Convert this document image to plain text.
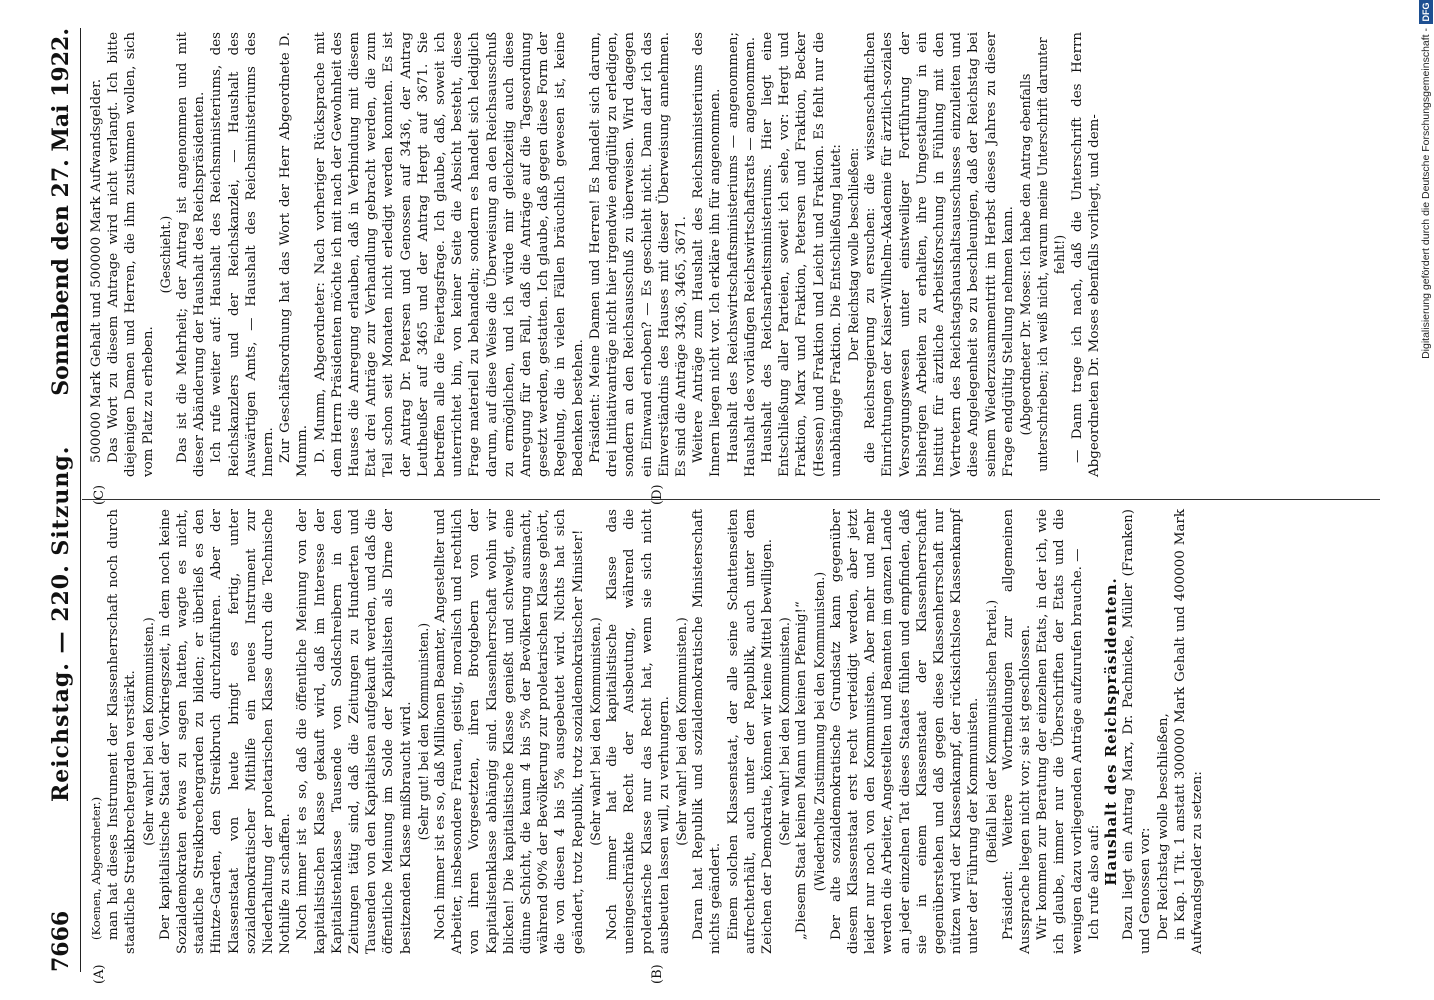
7666
Reichstag. — 220. Sitzung.
Sonnabend den 27. Mai 1922.
(A)	(B)
(C)	(D)

(Koenen, Abgeordneter.) man hat dieses Instrument der Klassenherrschaft noch durch staatliche Streikbrechergarden verstärkt. (Sehr wahr! bei den Kommunisten.) Der kapitalistische Staat der Vorkriegszeit, in dem noch keine Sozialdemokraten etwas zu sagen hatten, wagte es nicht, staatliche Streikbrechergarden zu bilden; er überließ es den Hintze-Garden, den Streikbruch durchzuführen. Aber der Klassenstaat von heute bringt es fertig, unter sozialdemokratischer Mithilfe ein neues Instrument zur Niederhaltung der proletarischen Klasse durch die Technische Nothilfe zu schaffen. Noch immer ist es so, daß die öffentliche Meinung von der kapitalistischen Klasse gekauft wird, daß im Interesse der Kapitalistenklasse Tausende von Soldschreibern in den Zeitungen tätig sind, daß die Zeitungen zu Hunderten und Tausenden von den Kapitalisten aufgekauft werden, und daß die öffentliche Meinung im Solde der Kapitalisten als Dirne der besitzenden Klasse mißbraucht wird. (Sehr gut! bei den Kommunisten.) Noch immer ist es so, daß Millionen Beamter, Angestellter und Arbeiter, insbesondere Frauen, geistig, moralisch und rechtlich von ihren Vorgesetzten, ihren Brotgebern von der Kapitalistenklasse abhängig sind. Klassenherrschaft wohin wir blicken! Die kapitalistische Klasse genießt und schwelgt, eine dünne Schicht, die kaum 4 bis 5% der Bevölkerung ausmacht, während 90% der Bevölkerung zur proletarischen Klasse gehört, die von diesen 4 bis 5% ausgebeutet wird. Nichts hat sich geändert, trotz Republik, trotz sozialdemokratischer Minister! (Sehr wahr! bei den Kommunisten.) Noch immer hat die kapitalistische Klasse das uneingeschränkte Recht der Ausbeutung, während die proletarische Klasse nur das Recht hat, wenn sie sich nicht ausbeuten lassen will, zu verhungern. (Sehr wahr! bei den Kommunisten.) Daran hat Republik und sozialdemokratische Ministerschaft nichts geändert. Einem solchen Klassenstaat, der alle seine Schattenseiten aufrechterhält, auch unter der Republik, auch unter dem Zeichen der Demokratie, können wir keine Mittel bewilligen. (Sehr wahr! bei den Kommunisten.) „Diesem Staat keinen Mann und keinen Pfennig!“ (Wiederholte Zustimmung bei den Kommunisten.) Der alte sozialdemokratische Grundsatz kann gegenüber diesem Klassenstaat erst recht verteidigt werden, aber jetzt leider nur noch von den Kommunisten. Aber mehr und mehr werden die Arbeiter, Angestellten und Beamten im ganzen Lande an jeder einzelnen Tat dieses Staates fühlen und empfinden, daß sie in einem Klassenstaat der Klassenherrschaft gegenüberstehen und daß gegen diese Klassenherrschaft nur nützen wird der Klassenkampf, der rücksichtslose Klassenkampf unter der Führung der Kommunisten. (Beifall bei der Kommunistischen Partei.) Präsident: Weitere Wortmeldungen zur allgemeinen Aussprache liegen nicht vor; sie ist geschlossen. Wir kommen zur Beratung der einzelnen Etats, in der ich, wie ich glaube, immer nur die Überschriften der Etats und die wenigen dazu vorliegenden Anträge aufzurufen brauche. — Ich rufe also auf: Haushalt des Reichspräsidenten. Dazu liegt ein Antrag Marx, Dr. Pachnicke, Müller (Franken) und Genossen vor: Der Reichstag wolle beschließen, in Kap. 1 Tit. 1 anstatt 300000 Mark Gehalt und 400000 Mark Aufwandsgelder zu setzen:

500000 Mark Gehalt und 500000 Mark Aufwandsgelder. Das Wort zu diesem Antrage wird nicht verlangt. Ich bitte diejenigen Damen und Herren, die ihm zustimmen wollen, sich vom Platz zu erheben.

(Geschieht.) Das ist die Mehrheit; der Antrag ist angenommen und mit dieser Abänderung der Haushalt des Reichspräsidenten. Ich rufe weiter auf: Haushalt des Reichsministeriums, des Reichskanzlers und der Reichskanzlei, — Haushalt des Auswärtigen Amts, — Haushalt des Reichsministeriums des Innern. Zur Geschäftsordnung hat das Wort der Herr Abgeordnete D. Mumm. D. Mumm, Abgeordneter: Nach vorheriger Rücksprache mit dem Herrn Präsidenten möchte ich mit nach der Gewohnheit des Hauses die Anregung erlauben, daß in Verbindung mit diesem Etat drei Anträge zur Verhandlung gebracht werden, die zum Teil schon seit Monaten nicht erledigt werden konnten. Es ist der Antrag Dr. Petersen und Genossen auf 3436, der Antrag Leutheußer auf 3465 und der Antrag Hergt auf 3671. Sie betreffen alle die Feiertagsfrage. Ich glaube, daß, soweit ich unterrichtet bin, von keiner Seite die Absicht besteht, diese Frage materiell zu behandeln; sondern es handelt sich lediglich darum, auf diese Weise die Überweisung an den Reichsausschuß zu ermöglichen, und ich würde mir gleichzeitig auch diese Anregung für den Fall, daß die Anträge auf die Tagesordnung gesetzt werden, gestatten. Ich glaube, daß gegen diese Form der Regelung, die in vielen Fällen bräuchlich gewesen ist, keine Bedenken bestehen. Präsident: Meine Damen und Herren! Es handelt sich darum, drei Initiativanträge nicht hier irgendwie endgültig zu erledigen, sondern an den Reichsausschuß zu überweisen. Wird dagegen ein Einwand erhoben? — Es geschieht nicht. Dann darf ich das Einverständnis des Hauses mit dieser Überweisung annehmen. Es sind die Anträge 3436, 3465, 3671. Weitere Anträge zum Haushalt des Reichsministeriums des Innern liegen nicht vor. Ich erkläre ihn für angenommen. Haushalt des Reichswirtschaftsministeriums — angenommen; Haushalt des vorläufigen Reichswirtschaftsrats — angenommen. Haushalt des Reichsarbeitsministeriums. Hier liegt eine Entschließung aller Parteien, soweit ich sehe, vor: Hergt und Fraktion, Marx und Fraktion, Petersen und Fraktion, Becker (Hessen) und Fraktion und Leicht und Fraktion. Es fehlt nur die unabhängige Fraktion. Die Entschließung lautet: Der Reichstag wolle beschließen: die Reichsregierung zu ersuchen: die wissenschaftlichen Einrichtungen der Kaiser-Wilhelm-Akademie für ärztlich-soziales Versorgungswesen unter einstweiliger Fortführung der bisherigen Arbeiten zu erhalten, ihre Umgestaltung in ein Institut für ärztliche Arbeitsforschung in Fühlung mit den Vertretern des Reichstagshaushaltsausschusses einzuleiten und diese Angelegenheit so zu beschleunigen, daß der Reichstag bei seinem Wiederzusammentritt im Herbst dieses Jahres zu dieser Frage endgültig Stellung nehmen kann. (Abgeordneter Dr. Moses: Ich habe den Antrag ebenfalls unterschrieben; ich weiß nicht, warum meine Unterschrift darunter fehlt!) — Dann trage ich nach, daß die Unterschrift des Herrn Abgeordneten Dr. Moses ebenfalls vorliegt, und dem-	Digitalisierung gefördert durch die Deutsche Forschungsgemeinschaft -
DFG
